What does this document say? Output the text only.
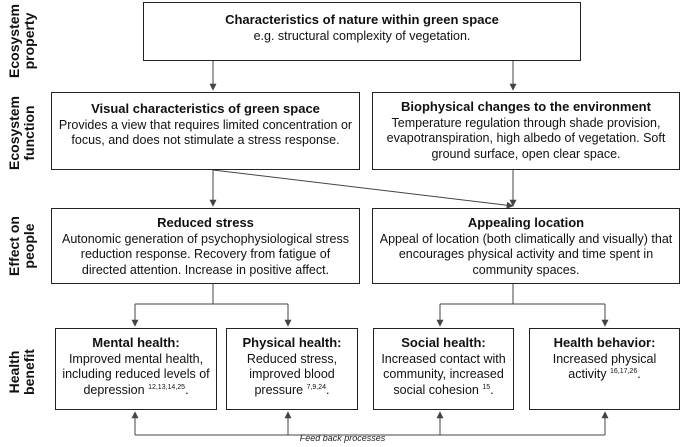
Ecosystem
property
Ecosystem
function
Effect on
people
Health
benefit
Characteristics of nature within green space
e.g. structural complexity of vegetation.
Visual characteristics of green space
Provides a view that requires limited concentration or focus, and does not stimulate a stress response.
Biophysical changes to the environment
Temperature regulation through shade provision, evapotranspiration, high albedo of vegetation. Soft ground surface, open clear space.
Reduced stress
Autonomic generation of psychophysiological stress reduction response. Recovery from fatigue of directed attention. Increase in positive affect.
Appealing location
Appeal of location (both climatically and visually) that encourages physical activity and time spent in community spaces.
Mental health:
Improved mental health, including reduced levels of depression $^{12,13,14,25}$.
Physical health:
Reduced stress, improved blood pressure $^{7,9,24}$.
Social health:
Increased contact with community, increased social cohesion $^{15}$.
Health behavior:
Increased physical activity $^{16,17,26}$.
Feed back processes
